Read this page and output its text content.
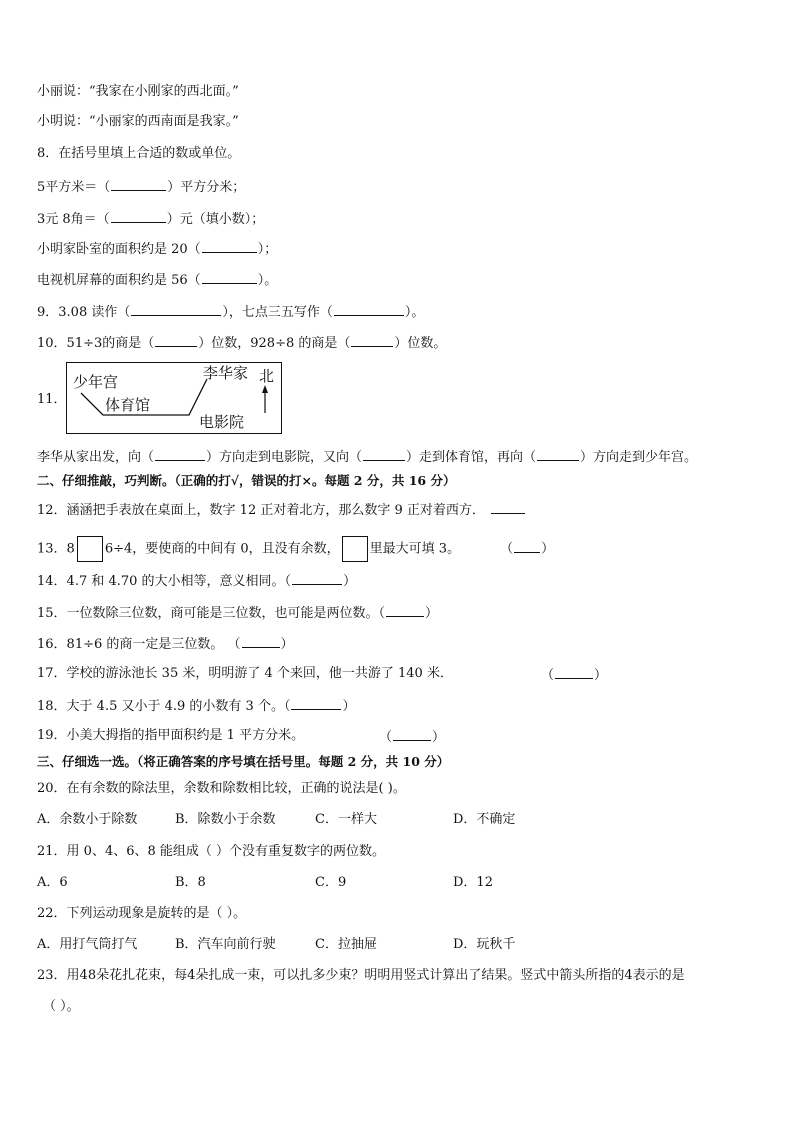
小丽说：“我家在小刚家的西北面。”
小明说：“小丽家的西南面是我家。”
8．在括号里填上合适的数或单位。
5平方米＝（	）平方分米；
3元 8角＝（	）元（填小数）；
小明家卧室的面积约是 20（	）；
电视机屏幕的面积约是 56（	）。
9．3.08 读作（	），七点三五写作（	）。
10．51÷3的商是（	）位数，928÷8 的商是（	）位数。
11．
少年宫
体育馆
李华家
电影院
北
李华从家出发，向（	）方向走到电影院，又向（	）走到体育馆，再向（	）方向走到少年宫。
二、仔细推敲，巧判断。（正确的打√，错误的打×。每题 2 分，共 16 分）
12．涵涵把手表放在桌面上，数字 12 正对着北方，那么数字 9 正对着西方．
13．8 6÷4，要使商的中间有 0，且没有余数， 里最大可填 3。	（ ）
14．4.7 和 4.70 的大小相等，意义相同。（	）
15．一位数除三位数，商可能是三位数，也可能是两位数。（	）
16．81÷6 的商一定是三位数。 （	）
17．学校的游泳池长 35 米，明明游了 4 个来回，他一共游了 140 米．	（	）
18．大于 4.5 又小于 4.9 的小数有 3 个。（	）
19．小美大拇指的指甲面积约是 1 平方分米。	（	）
三、仔细选一选。（将正确答案的序号填在括号里。每题 2 分，共 10 分）
20．在有余数的除法里，余数和除数相比较，正确的说法是( )。
A．余数小于除数	B．除数小于余数	C．一样大	D．不确定
21．用 0、4、6、8 能组成（ ）个没有重复数字的两位数。
A．6	B．8	C．9	D．12
22．下列运动现象是旋转的是（ ）。
A．用打气筒打气	B．汽车向前行驶	C．拉抽屉	D．玩秋千
23．用48朵花扎花束，每4朵扎成一束，可以扎多少束？明明用竖式计算出了结果。竖式中箭头所指的4表示的是
（ ）。
